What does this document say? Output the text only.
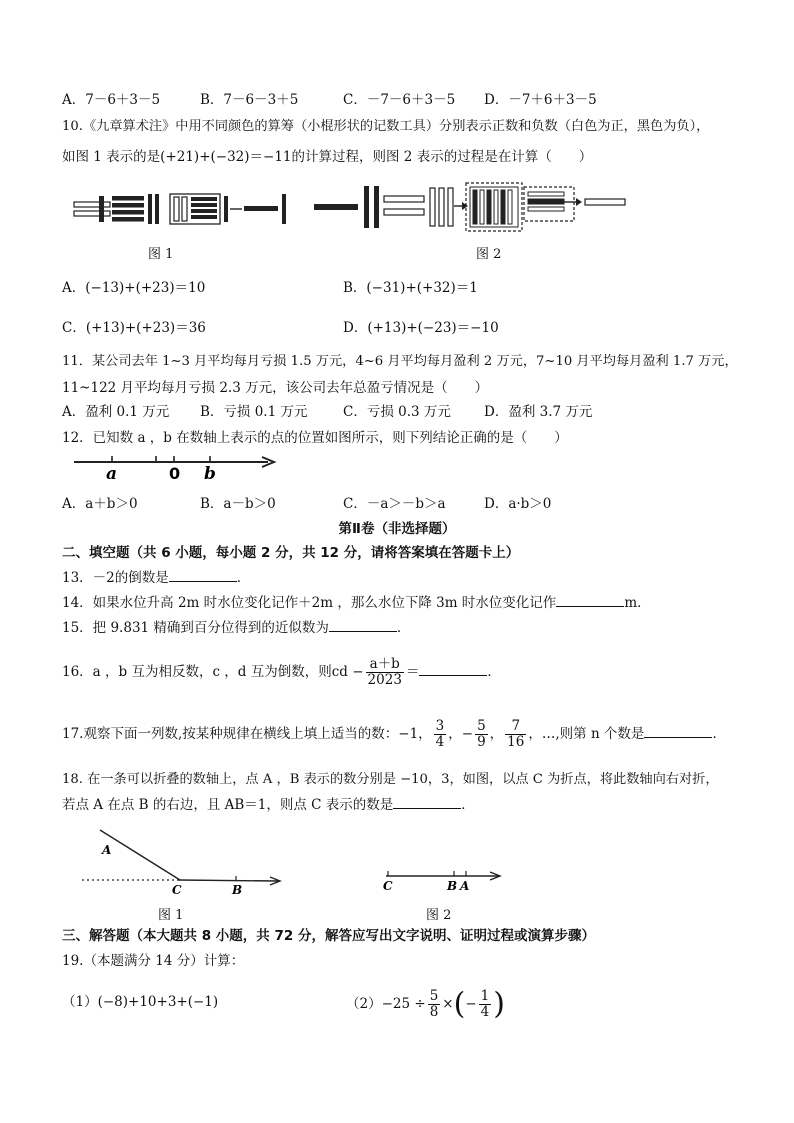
A．7－6＋3－5	B．7－6－3＋5	C．－7－6＋3－5 D．－7＋6＋3－5
10.《九章算术注》中用不同颜色的算筹（小棍形状的记数工具）分别表示正数和负数（白色为正，黑色为负），
如图 1 表示的是(+21)+(−32)＝−11的计算过程，则图 2 表示的过程是在计算（　　）
图 1	图 2
A．(−13)+(+23)＝10	B．(−31)+(+32)＝1
C．(+13)+(+23)＝36	D．(+13)+(−23)＝−10
11．某公司去年 1~3 月平均每月亏损 1.5 万元，4~6 月平均每月盈利 2 万元，7~10 月平均每月盈利 1.7 万元，
11~122 月平均每月亏损 2.3 万元，该公司去年总盈亏情况是（　　）
A．盈利 0.1 万元 B．亏损 0.1 万元	C．亏损 0.3 万元 D．盈利 3.7 万元
12．已知数 a ，b 在数轴上表示的点的位置如图所示，则下列结论正确的是（　　）
a	0 b
A．a＋b＞0	B．a－b＞0	C．－a＞－b＞a	D．a·b＞0
第Ⅱ卷（非选择题）
二、填空题（共 6 小题，每小题 2 分，共 12 分，请将答案填在答题卡上）
13．－2的倒数是	．
14．如果水位升高 2m 时水位变化记作＋2m ，那么水位下降 3m 时水位变化记作	m．
15．把 9.831 精确到百分位得到的近似数为	．
16．a ，b 互为相反数，c ，d 互为倒数，则cd − $\frac{a+b}{2023}$ ＝	．
17.观察下面一列数,按某种规律在横线上填上适当的数：−1， $\frac{3}{4}$ ，− $\frac{5}{9}$ ， $\frac{7}{16}$ ，…,则第 n 个数是	．
18. 在一条可以折叠的数轴上，点 A ，B 表示的数分别是 −10，3，如图，以点 C 为折点，将此数轴向右对折，
若点 A 在点 B 的右边，且 AB＝1，则点 C 表示的数是	．
A
C	B
图 1
C	B A
图 2
三、解答题（本大题共 8 小题，共 72 分，解答应写出文字说明、证明过程或演算步骤）
19.（本题满分 14 分）计算：
（1）(−8)+10+3+(−1)	$(2)-25 \div \frac{5}{8}$ ×(− $\frac{1}{4}$ )
